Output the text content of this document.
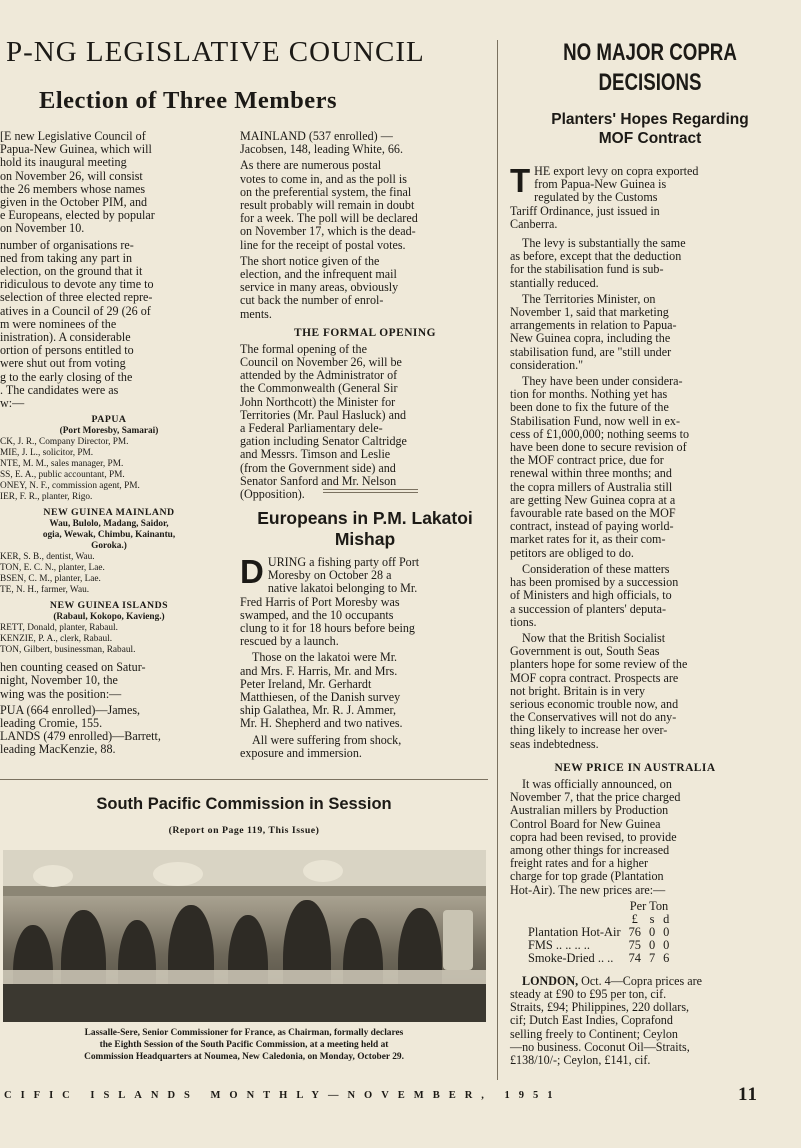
P-NG LEGISLATIVE COUNCIL
Election of Three Members

[E new Legislative Council of
Papua-New Guinea, which will
hold its inaugural meeting
on November 26, will consist
the 26 members whose names
given in the October PIM, and
e Europeans, elected by popular
on November 10.

number of organisations re-
ned from taking any part in
election, on the ground that it
ridiculous to devote any time to
selection of three elected repre-
atives in a Council of 29 (26 of
m were nominees of the
inistration). A considerable
ortion of persons entitled to
were shut out from voting
g to the early closing of the
. The candidates were as
w:—

PAPUA

(Port Moresby, Samarai)

CK, J. R., Company Director, PM.

MIE, J. L., solicitor, PM.

NTE, M. M., sales manager, PM.

SS, E. A., public accountant, PM.

ONEY, N. F., commission agent, PM.

IER, F. R., planter, Rigo.

NEW GUINEA MAINLAND

Wau, Bulolo, Madang, Saidor,
ogia, Wewak, Chimbu, Kainantu,
Goroka.)

KER, S. B., dentist, Wau.

TON, E. C. N., planter, Lae.

BSEN, C. M., planter, Lae.

TE, N. H., farmer, Wau.

NEW GUINEA ISLANDS

(Rabaul, Kokopo, Kavieng.)

RETT, Donald, planter, Rabaul.

KENZIE, P. A., clerk, Rabaul.

TON, Gilbert, businessman, Rabaul.

hen counting ceased on Satur-
night, November 10, the
wing was the position:—

PUA (664 enrolled)—James,
leading Cromie, 155.

LANDS (479 enrolled)—Barrett,
leading MacKenzie, 88.

MAINLAND (537 enrolled) —
Jacobsen, 148, leading White, 66.

As there are numerous postal
votes to come in, and as the poll is
on the preferential system, the final
result probably will remain in doubt
for a week. The poll will be declared
on November 17, which is the dead-
line for the receipt of postal votes.

The short notice given of the
election, and the infrequent mail
service in many areas, obviously
cut back the number of enrol-
ments.

THE FORMAL OPENING

The formal opening of the
Council on November 26, will be
attended by the Administrator of
the Commonwealth (General Sir
John Northcott) the Minister for
Territories (Mr. Paul Hasluck) and
a Federal Parliamentary dele-
gation including Senator Caltridge
and Messrs. Timson and Leslie
(from the Government side) and
Senator Sanford and Mr. Nelson
(Opposition).

Europeans in P.M. Lakatoi
Mishap
DURING a fishing party off Port
Moresby on October 28 a
native lakatoi belonging to Mr.
Fred Harris of Port Moresby was
swamped, and the 10 occupants
clung to it for 18 hours before being
rescued by a launch.

Those on the lakatoi were Mr.
and Mrs. F. Harris, Mr. and Mrs.
Peter Ireland, Mr. Gerhardt
Matthiesen, of the Danish survey
ship Galathea, Mr. R. J. Ammer,
Mr. H. Shepherd and two natives.

All were suffering from shock,
exposure and immersion.

South Pacific Commission in Session
(Report on Page 119, This Issue)
Lassalle-Sere, Senior Commissioner for France, as Chairman, formally declares
the Eighth Session of the South Pacific Commission, at a meeting held at
Commission Headquarters at Noumea, New Caledonia, on Monday, October 29.
NO MAJOR COPRA
DECISIONS
Planters' Hopes Regarding
MOF Contract
THE export levy on copra exported
from Papua-New Guinea is
regulated by the Customs
Tariff Ordinance, just issued in
Canberra.

The levy is substantially the same
as before, except that the deduction
for the stabilisation fund is sub-
stantially reduced.

The Territories Minister, on
November 1, said that marketing
arrangements in relation to Papua-
New Guinea copra, including the
stabilisation fund, are "still under
consideration."

They have been under considera-
tion for months. Nothing yet has
been done to fix the future of the
Stabilisation Fund, now well in ex-
cess of £1,000,000; nothing seems to
have been done to secure revision of
the MOF contract price, due for
renewal within three months; and
the copra millers of Australia still
are getting New Guinea copra at a
favourable rate based on the MOF
contract, instead of paying world-
market rates for it, as their com-
petitors are obliged to do.

Consideration of these matters
has been promised by a succession
of Ministers and high officials, to
a succession of planters' deputa-
tions.

Now that the British Socialist
Government is out, South Seas
planters hope for some review of the
MOF copra contract. Prospects are
not bright. Britain is in very
serious economic trouble now, and
the Conservatives will not do any-
thing likely to increase her over-
seas indebtedness.

NEW PRICE IN AUSTRALIA

It was officially announced, on
November 7, that the price charged
Australian millers by Production
Control Board for New Guinea
copra had been revised, to provide
among other things for increased
freight rates and for a higher
charge for top grade (Plantation
Hot-Air). The new prices are:—

	Per Ton		
	£	s	d
Plantation Hot-Air	76	0	0
FMS .. .. .. ..	75	0	0
Smoke-Dried .. ..	74	7	6

LONDON, Oct. 4—Copra prices are
steady at £90 to £95 per ton, cif.
Straits, £94; Philippines, 220 dollars,
cif; Dutch East Indies, Coprafond
selling freely to Continent; Ceylon
—no business. Coconut Oil—Straits,
£138/10/-; Ceylon, £141, cif.

CIFIC ISLANDS MONTHLY—NOVEMBER, 1951	11
